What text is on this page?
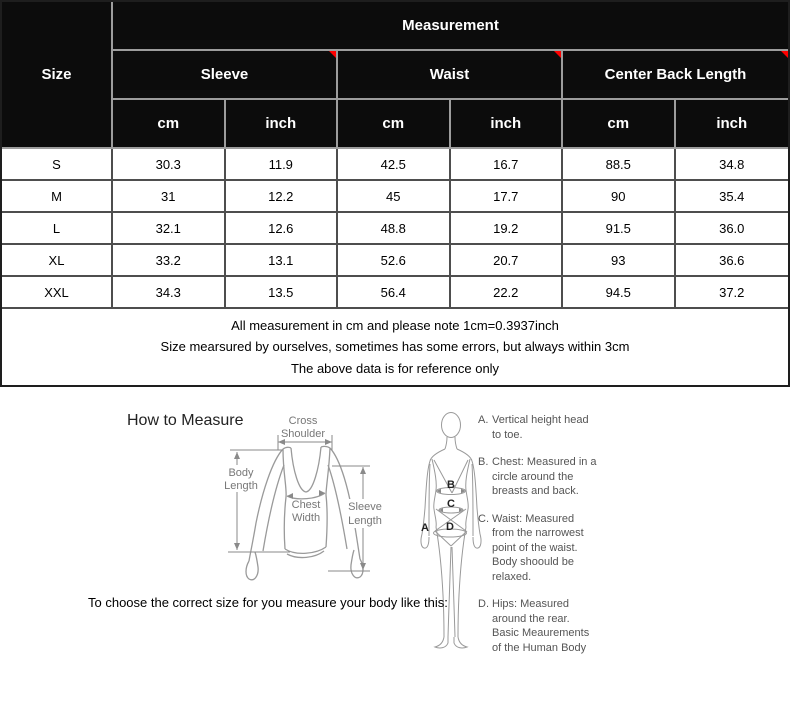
Size	Measurement					
	Sleeve		Waist		Center Back Length	

	cm	inch	cm	inch	cm	inch
S	30.3	11.9	42.5	16.7	88.5	34.8
M	31	12.2	45	17.7	90	35.4
L	32.1	12.6	48.8	19.2	91.5	36.0
XL	33.2	13.1	52.6	20.7	93	36.6
XXL	34.3	13.5	56.4	22.2	94.5	37.2

All measurement in cm and please note 1cm=0.3937inch
Size mearsured by ourselves, sometimes has some errors, but always within 3cm
The above data is for reference only						
How to Measure	Cross
Shoulder
Body
Length
Chest
Width
Sleeve
Length
A
B
C
D
A. Vertical height head
to toe.
B. Chest: Measured in a
circle around the
breasts and back.
C. Waist: Measured
from the narrowest
point of the waist.
Body shoould be
relaxed.
D. Hips: Measured
around the rear.
Basic Meaurements
of the Human Body
To choose the correct size for you measure your body like this:
